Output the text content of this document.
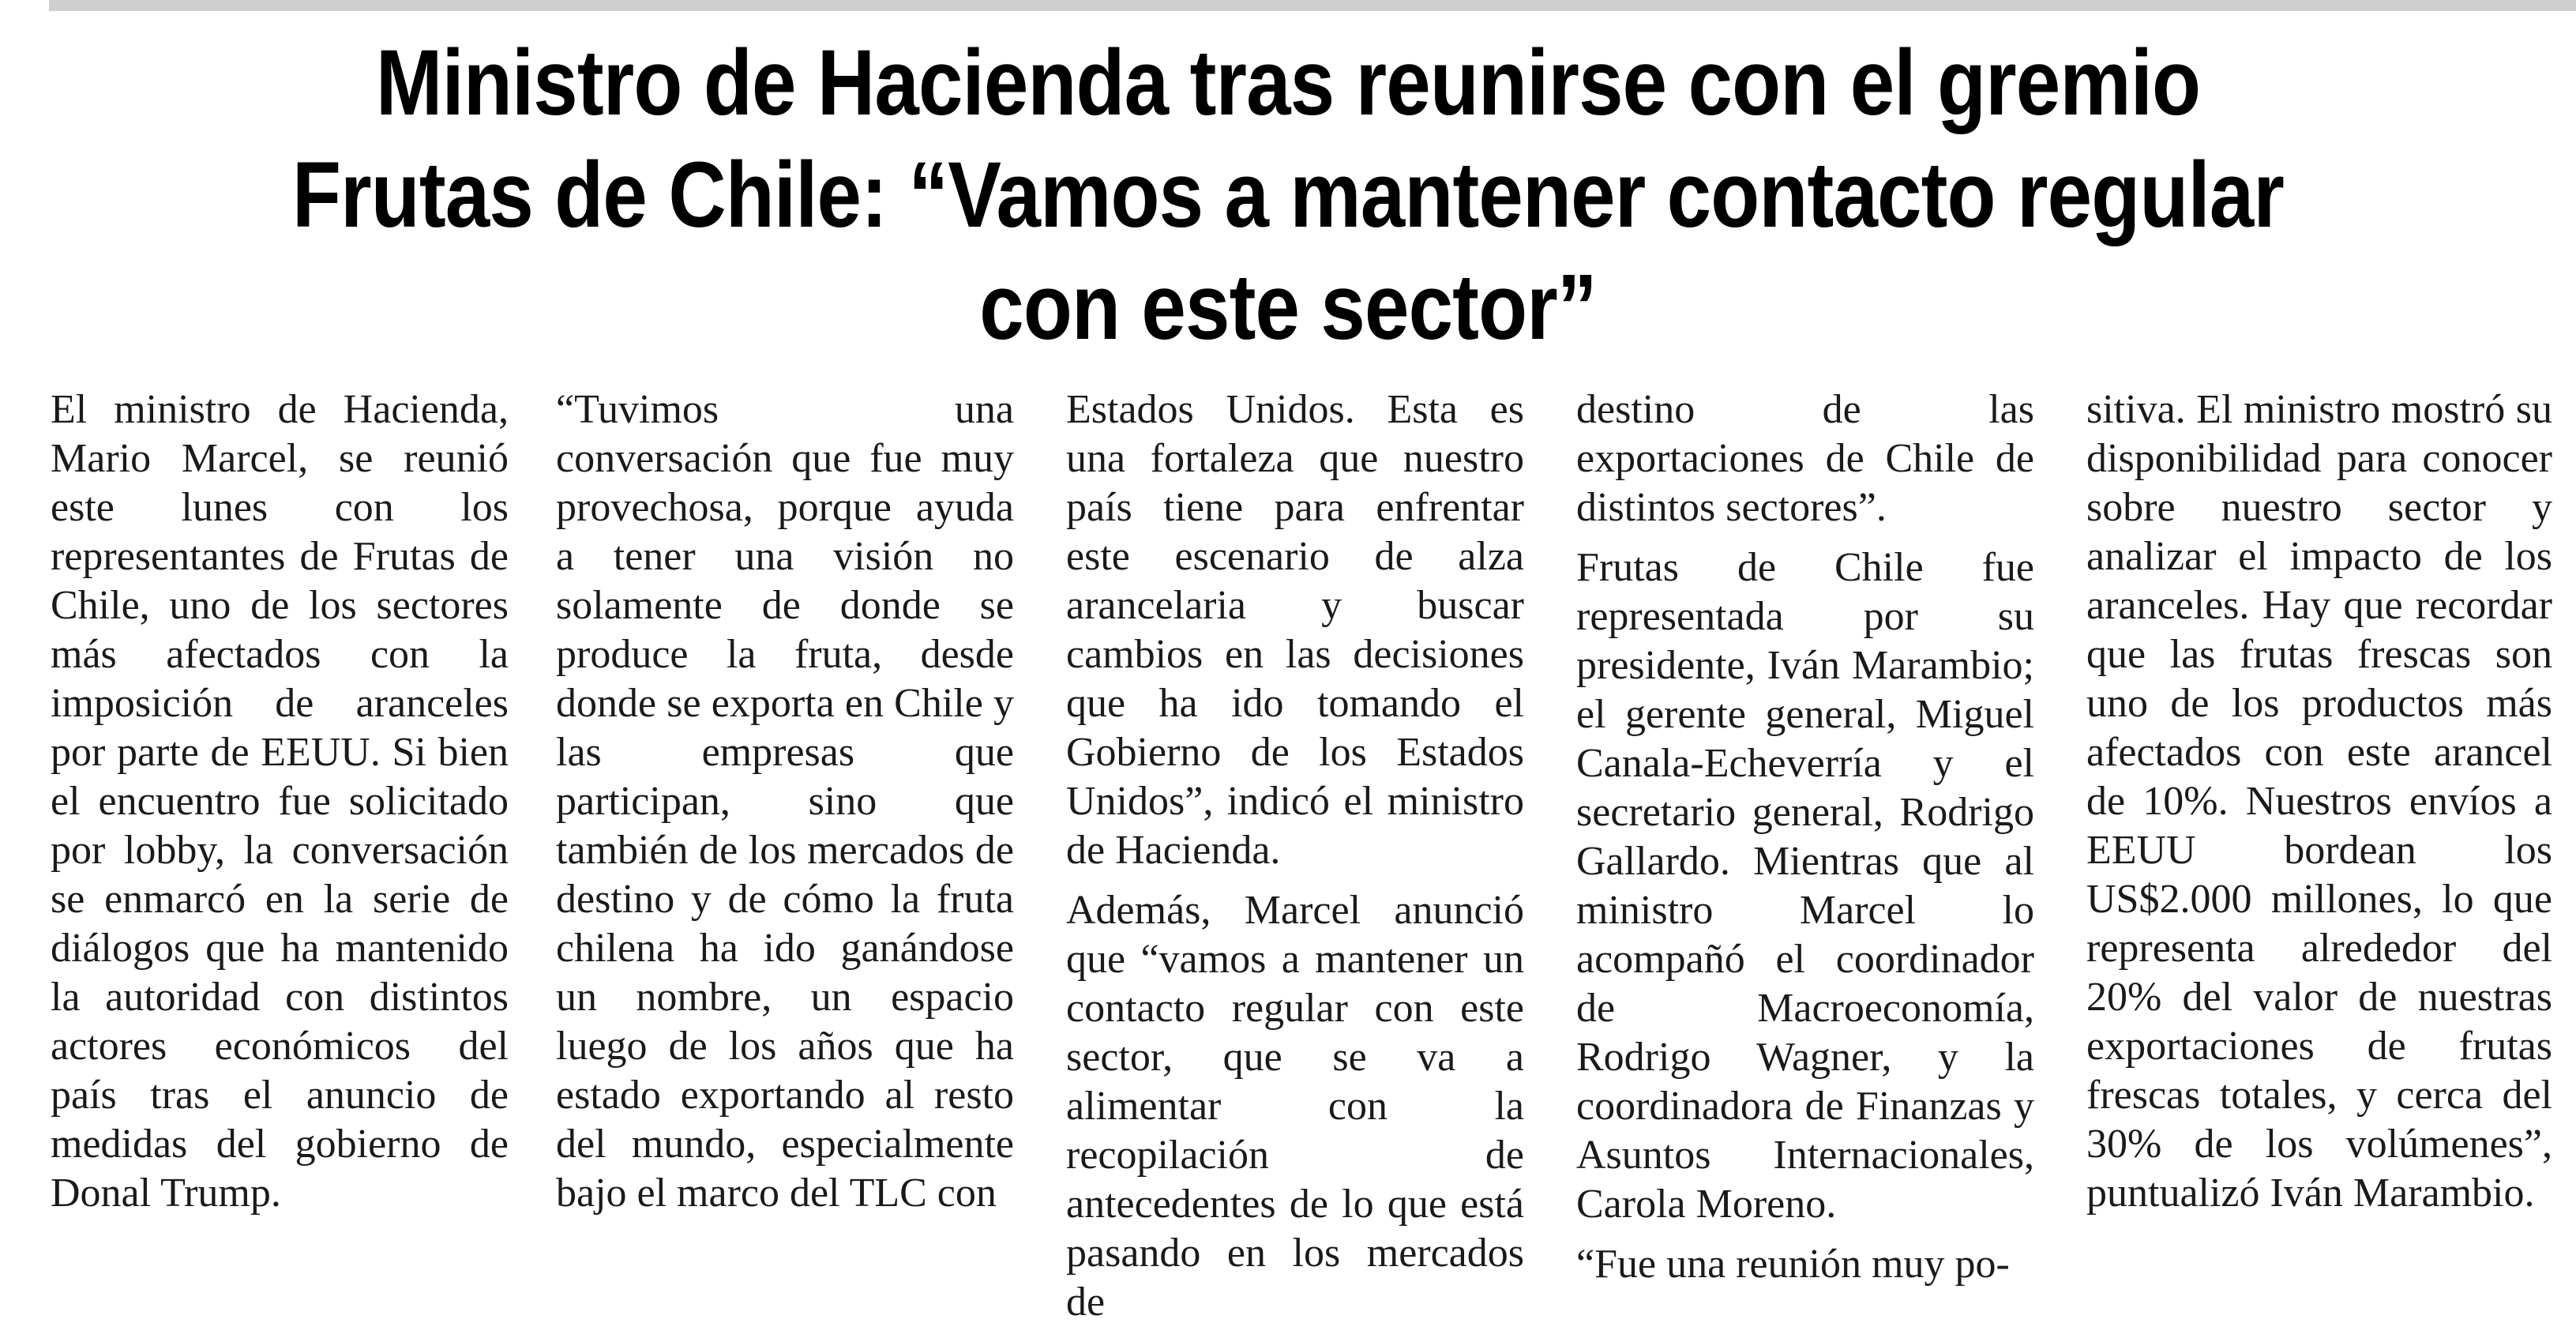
Ministro de Hacienda tras reunirse con el gremio
Frutas de Chile: “Vamos a mantener contacto regular
con este sector”

El ministro de Hacienda, Mario Marcel, se reunió este lunes con los representantes de Frutas de Chile, uno de los sectores más afectados con la imposición de aranceles por parte de EEUU. Si bien el encuentro fue solicitado por lobby, la conversación se enmarcó en la serie de diálogos que ha mantenido la autoridad con distintos actores económicos del país tras el anuncio de medidas del gobierno de Donal Trump.

“Tuvimos una conversación que fue muy provechosa, porque ayuda a tener una visión no solamente de donde se produce la fruta, desde donde se exporta en Chile y las empresas que participan, sino que también de los mercados de destino y de cómo la fruta chilena ha ido ganándose un nombre, un espacio luego de los años que ha estado exportando al resto del mundo, especialmente bajo el marco del TLC con

Estados Unidos. Esta es una fortaleza que nuestro país tiene para enfrentar este escenario de alza arancelaria y buscar cambios en las decisiones que ha ido tomando el Gobierno de los Estados Unidos”, indicó el ministro de Hacienda.

Además, Marcel anunció que “vamos a mantener un contacto regular con este sector, que se va a alimentar con la recopilación de antecedentes de lo que está pasando en los mercados de

destino de las exportaciones de Chile de distintos sectores”.

Frutas de Chile fue representada por su presidente, Iván Marambio; el gerente general, Miguel Canala-Echeverría y el secretario general, Rodrigo Gallardo. Mientras que al ministro Marcel lo acompañó el coordinador de Macroeconomía, Rodrigo Wagner, y la coordinadora de Finanzas y Asuntos Internacionales, Carola Moreno.

“Fue una reunión muy po-

sitiva. El ministro mostró su disponibilidad para conocer sobre nuestro sector y analizar el impacto de los aranceles. Hay que recordar que las frutas frescas son uno de los productos más afectados con este arancel de 10%. Nuestros envíos a EEUU bordean los US$2.000 millones, lo que representa alrededor del 20% del valor de nuestras exportaciones de frutas frescas totales, y cerca del 30% de los volúmenes”, puntualizó Iván Marambio.
